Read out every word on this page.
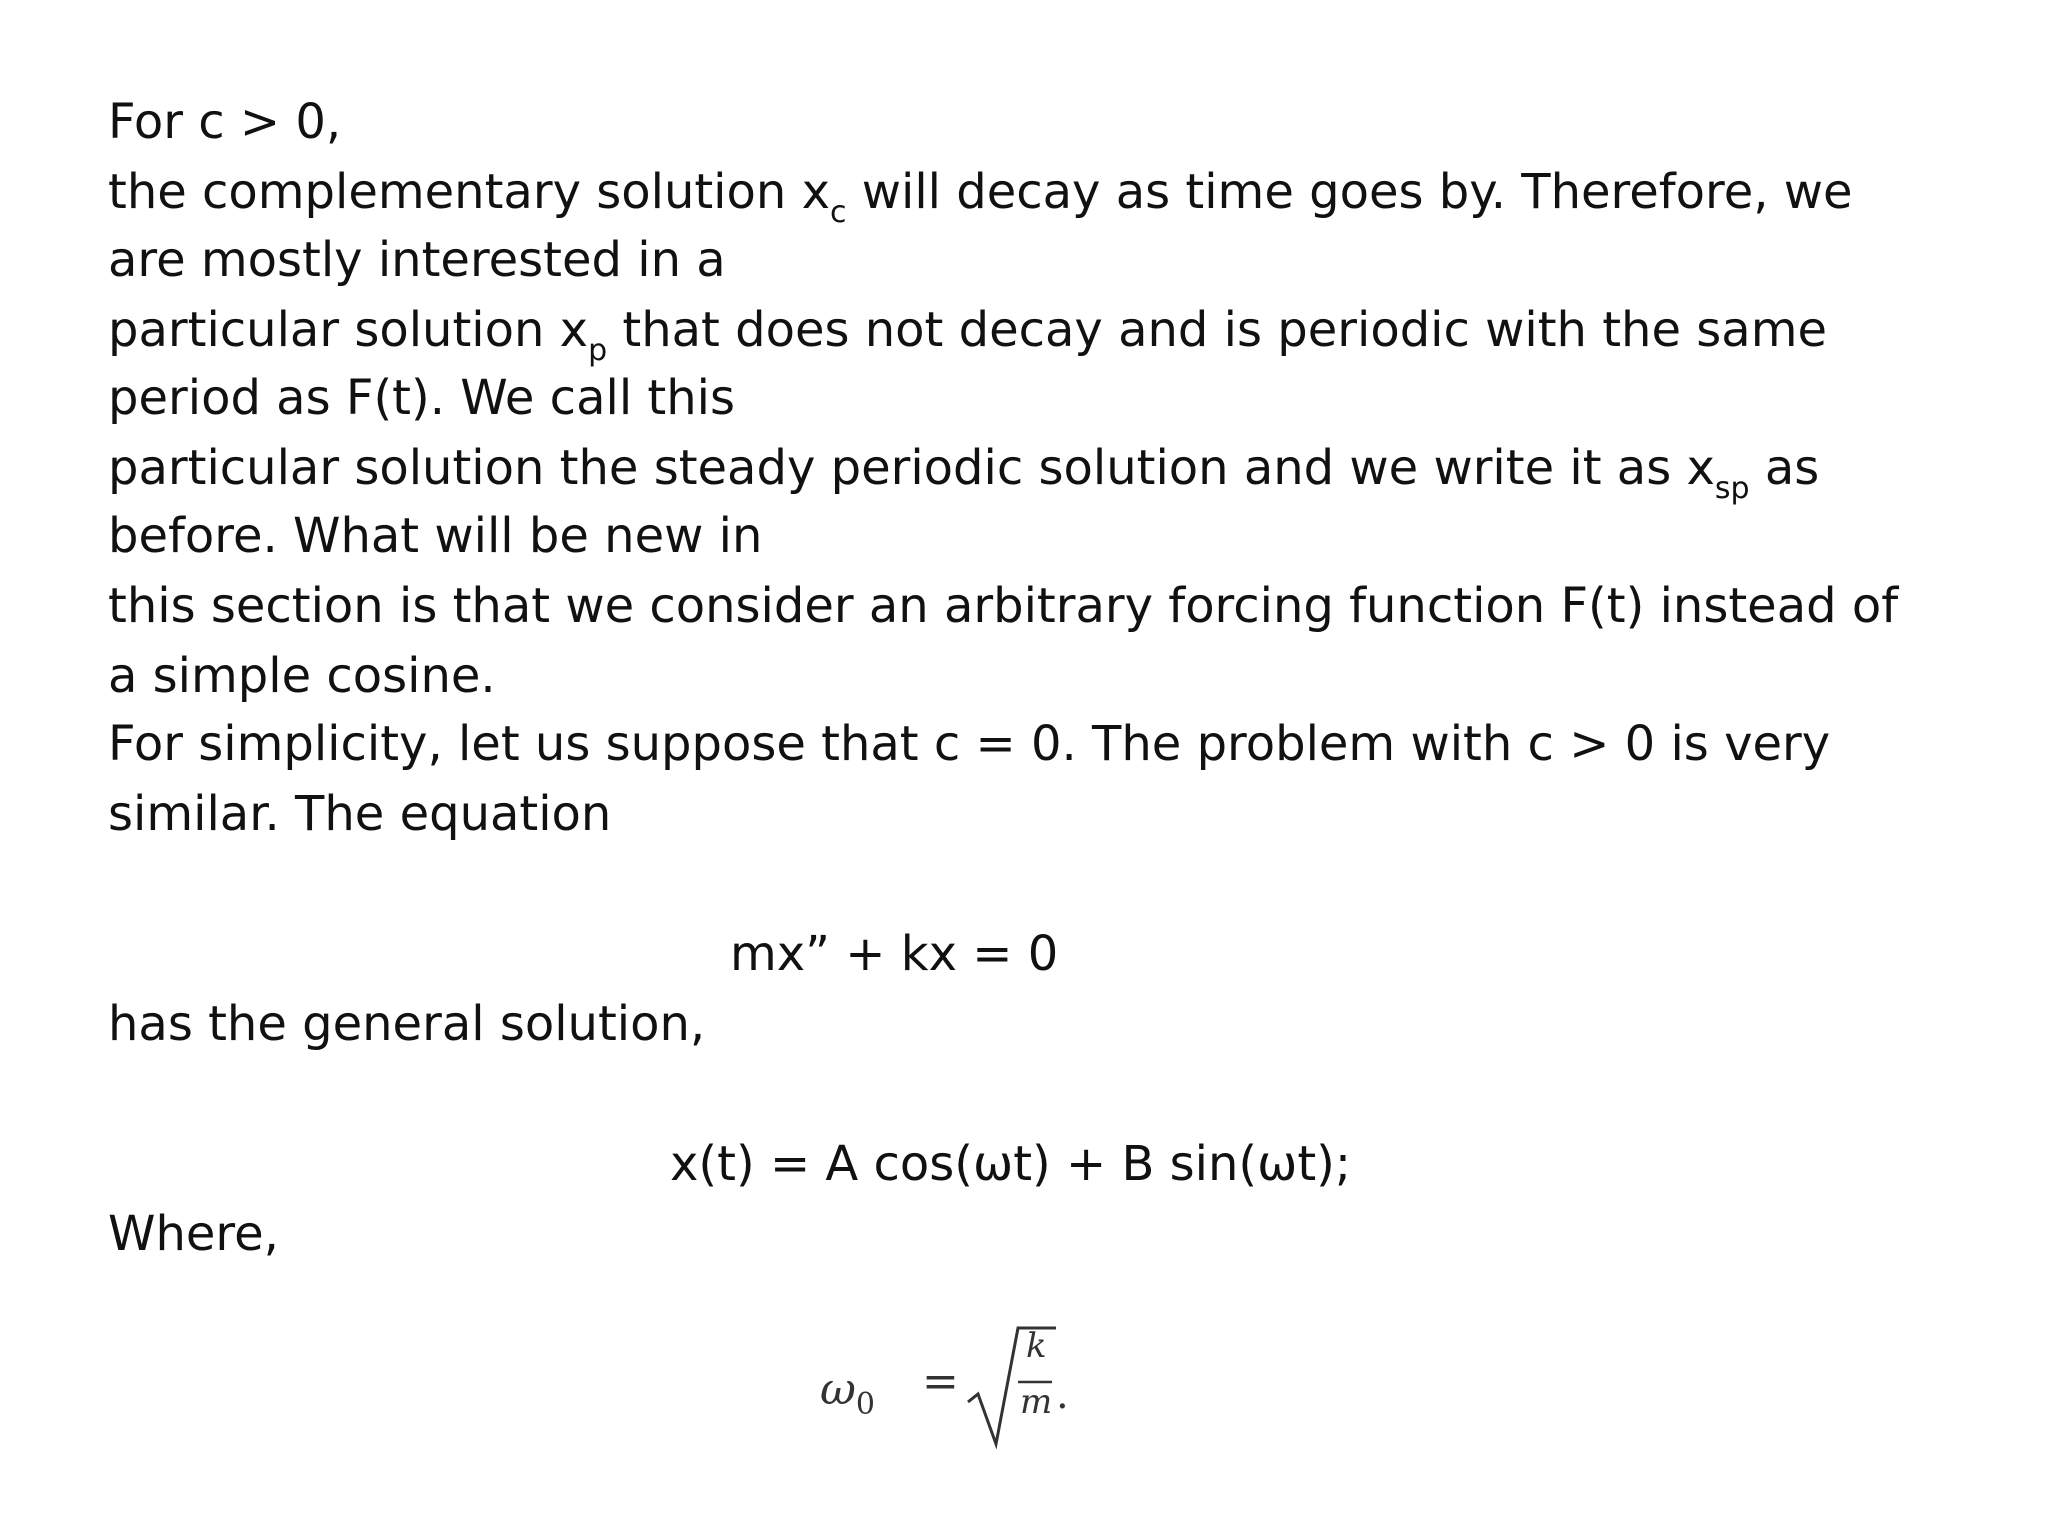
For c > 0,
the complementary solution $x_c$ will decay as time goes by. Therefore, we
are mostly interested in a
particular solution $x_p$ that does not decay and is periodic with the same
period as F(t). We call this
particular solution the steady periodic solution and we write it as $x_{sp}$ as
before. What will be new in
this section is that we consider an arbitrary forcing function F(t) instead of
a simple cosine.
For simplicity, let us suppose that c = 0. The problem with c > 0 is very
similar. The equation
mx” + kx = 0
has the general solution,
x(t) = A cos(ωt) + B sin(ωt);
Where,
$\omega_0$ =
k
m .
